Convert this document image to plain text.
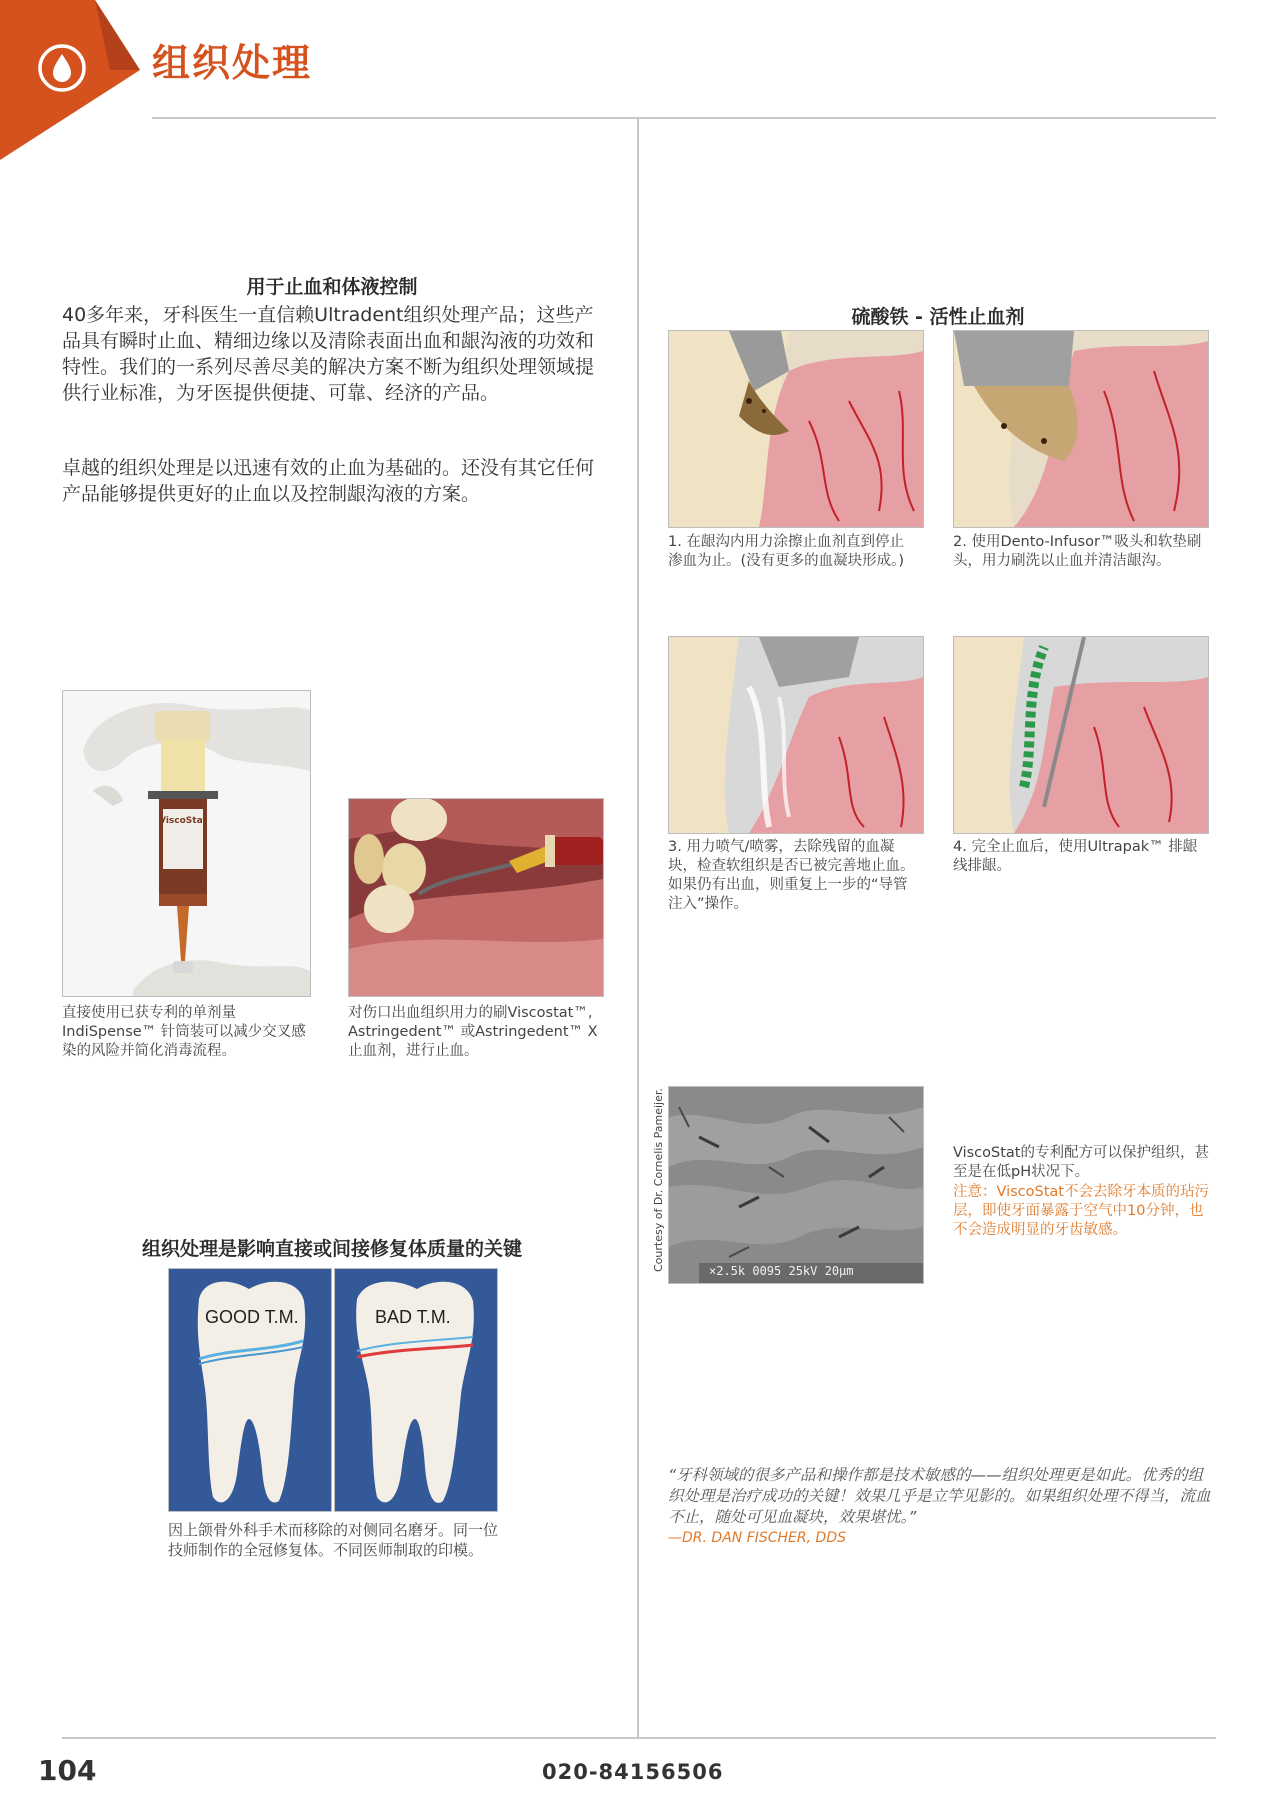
组织处理
用于止血和体液控制
40多年来，牙科医生一直信赖Ultradent组织处理产品；这些产品具有瞬时止血、精细边缘以及清除表面出血和龈沟液的功效和特性。我们的一系列尽善尽美的解决方案不断为组织处理领域提供行业标准，为牙医提供便捷、可靠、经济的产品。
卓越的组织处理是以迅速有效的止血为基础的。还没有其它任何产品能够提供更好的止血以及控制龈沟液的方案。
ViscoStat
直接使用已获专利的单剂量IndiSpense™ 针筒装可以减少交叉感染的风险并简化消毒流程。
对伤口出血组织用力的刷Viscostat™, Astringedent™ 或Astringedent™ X 止血剂，进行止血。
组织处理是影响直接或间接修复体质量的关键
GOOD T.M.	BAD T.M.
因上颌骨外科手术而移除的对侧同名磨牙。同一位技师制作的全冠修复体。不同医师制取的印模。
硫酸铁 - 活性止血剂
1. 在龈沟内用力涂擦止血剂直到停止渗血为止。(没有更多的血凝块形成。)
2. 使用Dento-Infusor™吸头和软垫刷头，用力刷洗以止血并清洁龈沟。
3. 用力喷气/喷雾，去除残留的血凝块，检查软组织是否已被完善地止血。如果仍有出血，则重复上一步的“导管注入”操作。
4. 完全止血后，使用Ultrapak™ 排龈线排龈。
Courtesy of Dr. Cornelis Pameijer.	×2.5k 0095 25kV 20μm
ViscoStat的专利配方可以保护组织，甚至是在低pH状况下。
注意：ViscoStat不会去除牙本质的玷污层，即使牙面暴露于空气中10分钟，也不会造成明显的牙齿敏感。
“牙科领域的很多产品和操作都是技术敏感的——组织处理更是如此。优秀的组织处理是治疗成功的关键！效果几乎是立竿见影的。如果组织处理不得当，流血不止，随处可见血凝块，效果堪忧。”
—DR. DAN FISCHER, DDS
104	020-84156506
